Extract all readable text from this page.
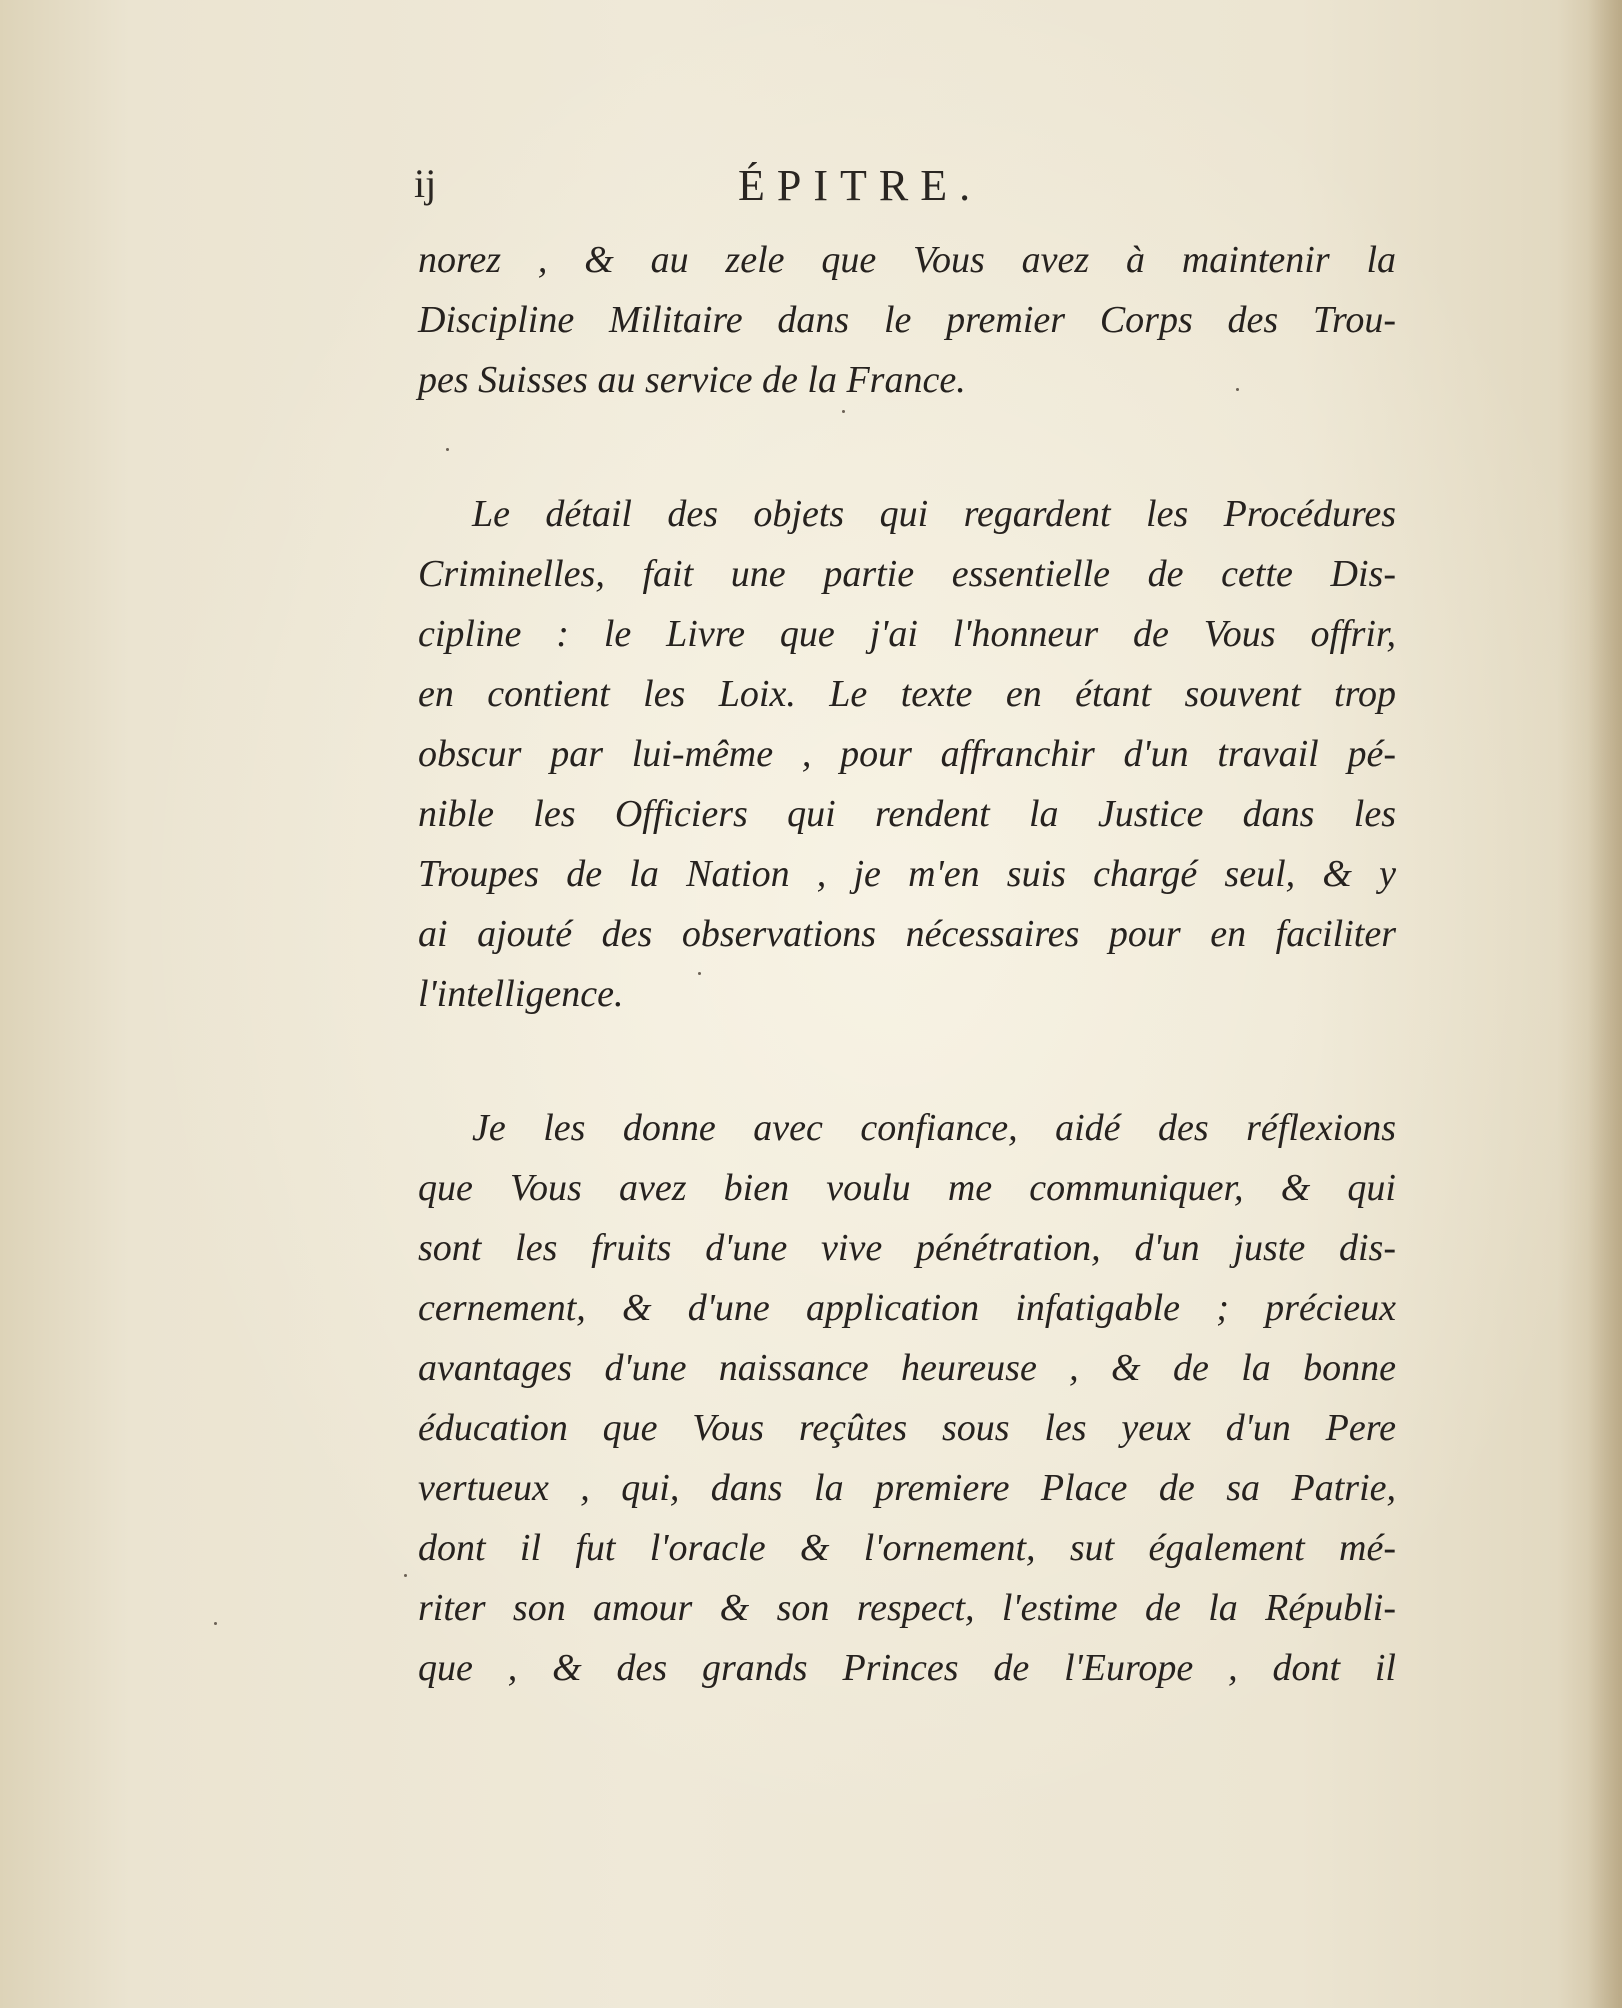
ij	ÉPITRE.
norez , & au zele que Vous avez à maintenir la
Discipline Militaire dans le premier Corps des Trou-
pes Suisses au service de la France.
Le détail des objets qui regardent les Procédures
Criminelles, fait une partie essentielle de cette Dis-
cipline : le Livre que j'ai l'honneur de Vous offrir,
en contient les Loix. Le texte en étant souvent trop
obscur par lui-même , pour affranchir d'un travail pé-
nible les Officiers qui rendent la Justice dans les
Troupes de la Nation , je m'en suis chargé seul, & y
ai ajouté des observations nécessaires pour en faciliter
l'intelligence.
Je les donne avec confiance, aidé des réflexions
que Vous avez bien voulu me communiquer, & qui
sont les fruits d'une vive pénétration, d'un juste dis-
cernement, & d'une application infatigable ; précieux
avantages d'une naissance heureuse , & de la bonne
éducation que Vous reçûtes sous les yeux d'un Pere
vertueux , qui, dans la premiere Place de sa Patrie,
dont il fut l'oracle & l'ornement, sut également mé-
riter son amour & son respect, l'estime de la Républi-
que , & des grands Princes de l'Europe , dont il
